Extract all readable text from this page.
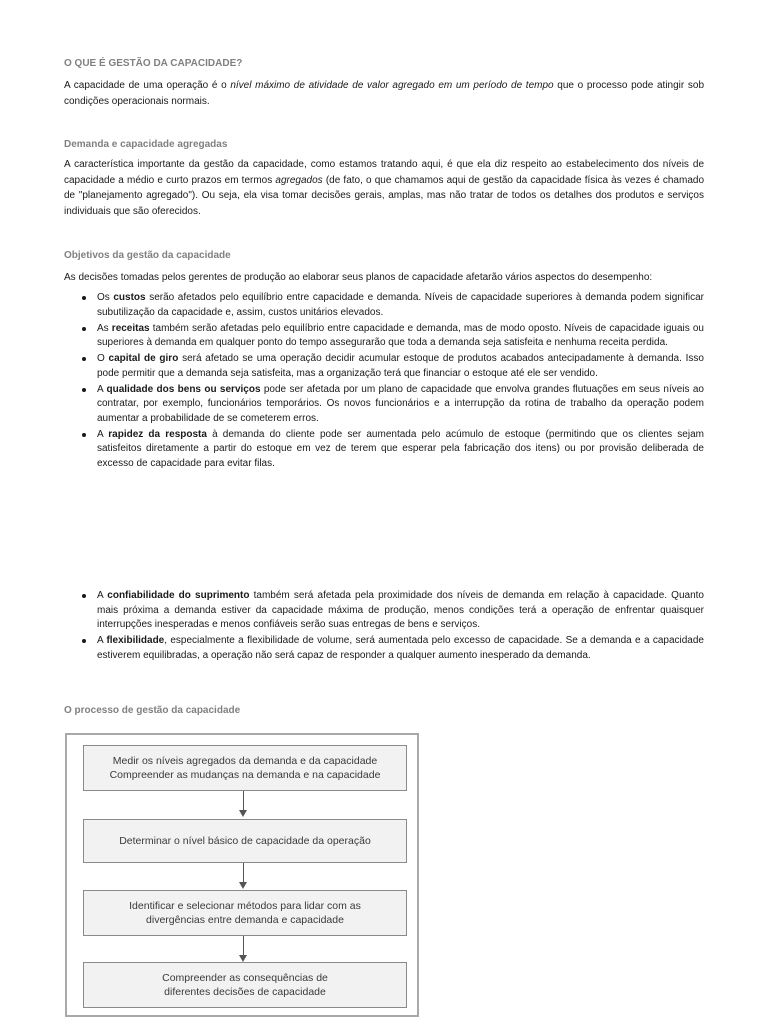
O QUE É GESTÃO DA CAPACIDADE?

A capacidade de uma operação é o nível máximo de atividade de valor agregado em um período de tempo que o processo pode atingir sob condições operacionais normais.

Demanda e capacidade agregadas

A característica importante da gestão da capacidade, como estamos tratando aqui, é que ela diz respeito ao estabelecimento dos níveis de capacidade a médio e curto prazos em termos agregados (de fato, o que chamamos aqui de gestão da capacidade física às vezes é chamado de "planejamento agregado"). Ou seja, ela visa tomar decisões gerais, amplas, mas não tratar de todos os detalhes dos produtos e serviços individuais que são oferecidos.

Objetivos da gestão da capacidade

As decisões tomadas pelos gerentes de produção ao elaborar seus planos de capacidade afetarão vários aspectos do desempenho:

Os custos serão afetados pelo equilíbrio entre capacidade e demanda. Níveis de capacidade superiores à demanda podem significar subutilização da capacidade e, assim, custos unitários elevados.
As receitas também serão afetadas pelo equilíbrio entre capacidade e demanda, mas de modo oposto. Níveis de capacidade iguais ou superiores à demanda em qualquer ponto do tempo assegurarão que toda a demanda seja satisfeita e nenhuma receita perdida.
O capital de giro será afetado se uma operação decidir acumular estoque de produtos acabados antecipadamente à demanda. Isso pode permitir que a demanda seja satisfeita, mas a organização terá que financiar o estoque até ele ser vendido.
A qualidade dos bens ou serviços pode ser afetada por um plano de capacidade que envolva grandes flutuações em seus níveis ao contratar, por exemplo, funcionários temporários. Os novos funcionários e a interrupção da rotina de trabalho da operação podem aumentar a probabilidade de se cometerem erros.
A rapidez da resposta à demanda do cliente pode ser aumentada pelo acúmulo de estoque (permitindo que os clientes sejam satisfeitos diretamente a partir do estoque em vez de terem que esperar pela fabricação dos itens) ou por provisão deliberada de excesso de capacidade para evitar filas.
A confiabilidade do suprimento também será afetada pela proximidade dos níveis de demanda em relação à capacidade. Quanto mais próxima a demanda estiver da capacidade máxima de produção, menos condições terá a operação de enfrentar quaisquer interrupções inesperadas e menos confiáveis serão suas entregas de bens e serviços.
A flexibilidade, especialmente a flexibilidade de volume, será aumentada pelo excesso de capacidade. Se a demanda e a capacidade estiverem equilibradas, a operação não será capaz de responder a qualquer aumento inesperado da demanda.
O processo de gestão da capacidade
Medir os níveis agregados da demanda e da capacidade
Compreender as mudanças na demanda e na capacidade
Determinar o nível básico de capacidade da operação
Identificar e selecionar métodos para lidar com as
divergências entre demanda e capacidade
Compreender as consequências de
diferentes decisões de capacidade
